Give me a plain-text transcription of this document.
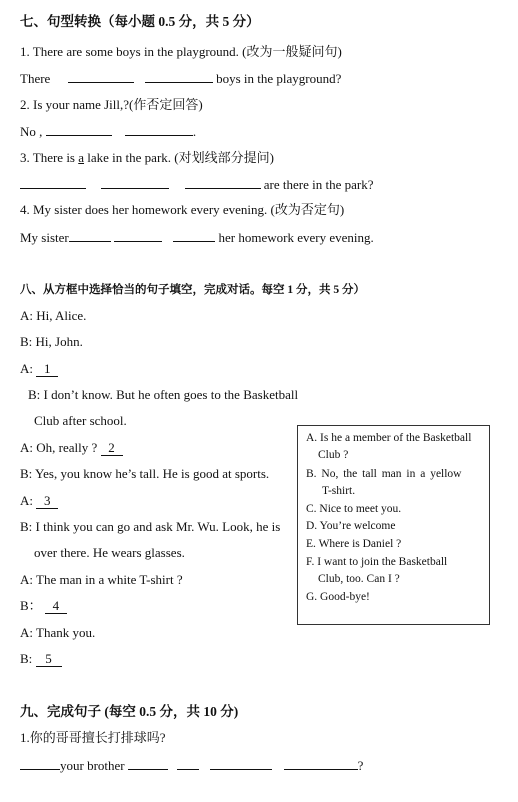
七、句型转换（每小题 0.5 分，共 5 分）
1. There are some boys in the playground. (改为一般疑问句)
There	boys in the playground?
2. Is your name Jill,?(作否定回答)
No ,	.
3. There is a lake in the park. (对划线部分提问)
are there in the park?
4. My sister does her homework every evening. (改为否定句)
My sister	her homework every evening.
八、从方框中选择恰当的句子填空，完成对话。每空 1 分，共 5 分）
A: Hi, Alice.
B: Hi, John.
A: 1
B: I don’t know. But he often goes to the Basketball
Club after school.
A: Oh, really ? 2
B: Yes, you know he’s tall. He is good at sports.
A: 3
B: I think you can go and ask Mr. Wu. Look, he is
over there. He wears glasses.
A: The man in a white T-shirt ?
B： 4
A: Thank you.
B: 5
A. Is he a member of the Basketball
Club ?
B. No, the tall man in a yellow
T-shirt.
C. Nice to meet you.
D. You’re welcome
E. Where is Daniel ?
F. I want to join the Basketball
Club, too. Can I ?
G. Good-bye!
九、完成句子 (每空 0.5 分，共 10 分)
1.你的哥哥擅长打排球吗?
your brother	?
